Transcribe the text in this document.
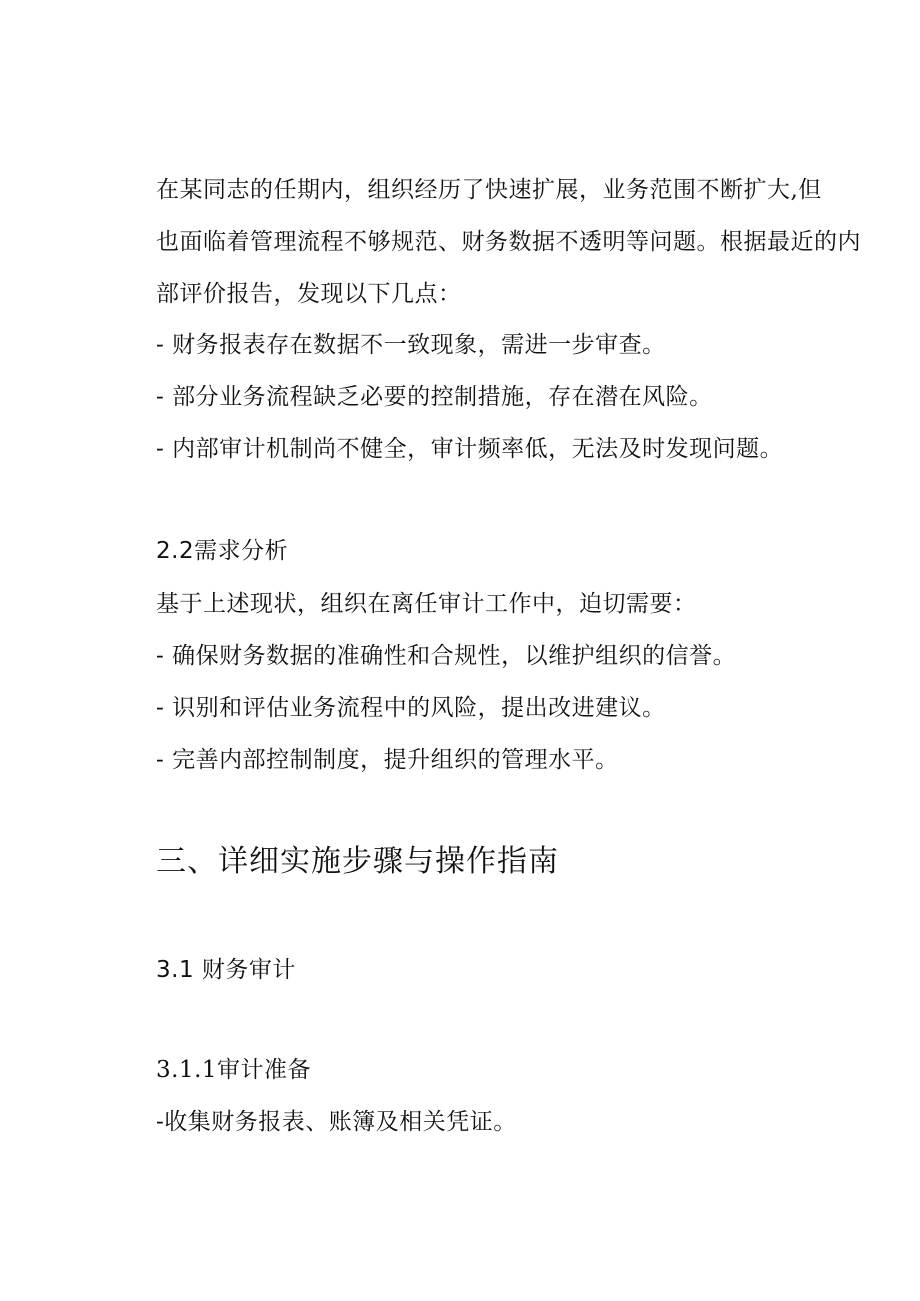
在某同志的任期内，组织经历了快速扩展，业务范围不断扩大,但
也面临着管理流程不够规范、财务数据不透明等问题。根据最近的内
部评价报告，发现以下几点：
- 财务报表存在数据不一致现象，需进一步审查。
- 部分业务流程缺乏必要的控制措施，存在潜在风险。
- 内部审计机制尚不健全，审计频率低，无法及时发现问题。
2.2需求分析
基于上述现状，组织在离任审计工作中，迫切需要：
- 确保财务数据的准确性和合规性，以维护组织的信誉。
- 识别和评估业务流程中的风险，提出改进建议。
- 完善内部控制制度，提升组织的管理水平。
三、详细实施步骤与操作指南
3.1 财务审计
3.1.1审计准备
-收集财务报表、账簿及相关凭证。
